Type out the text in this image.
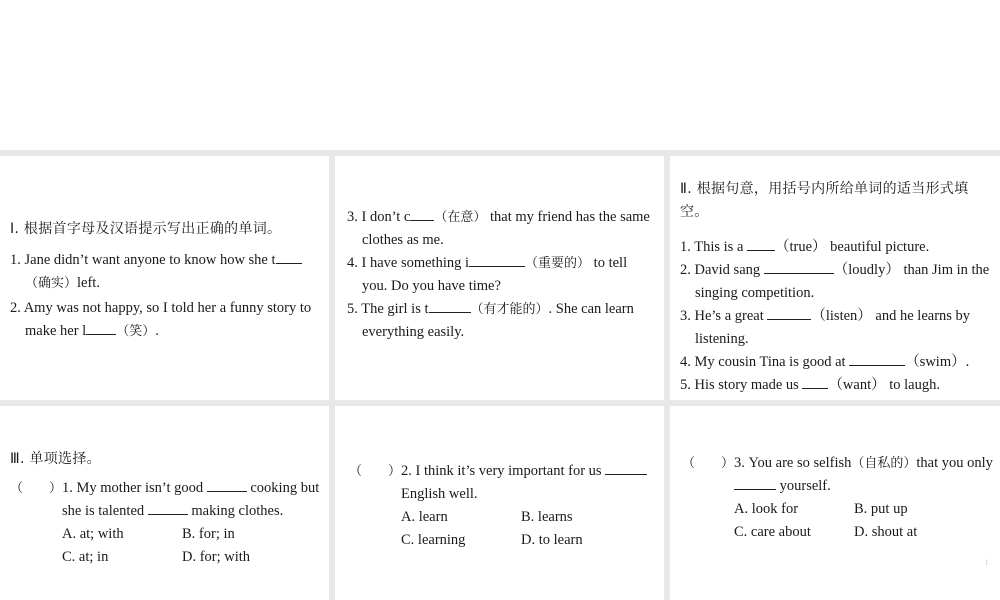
Ⅰ. 根据首字母及汉语提示写出正确的单词。

1. Jane didn’t want anyone to know how she t （确实）left.

2. Amy was not happy, so I told her a funny story to make her l （笑）.

3. I don’t c （在意） that my friend has the same clothes as me.

4. I have something i	（重要的） to tell you. Do you have time?

5. The girl is t	（有才能的）. She can learn everything easily.

Ⅱ. 根据句意，用括号内所给单词的适当形式填空。

1. This is a （true） beautiful picture.

2. David sang	（loudly） than Jim in the singing competition.

3. He’s a great	（listen） and he learns by listening.

4. My cousin Tina is good at	（swim）.

5. His story made us （want） to laugh.

Ⅲ. 单项选择。
（　　）1. My mother isn’t good	cooking but
she is talented	making clothes.
A. at; with	B. for; in
C. at; in	D. for; with
（　　）2. I think it’s very important for us
English well.
A. learn	B. learns
C. learning	D. to learn
（　　）3. You are so selfish（自私的）that you only
yourself.
A. look for	B. put up
C. care about	D. shout at
⁝
